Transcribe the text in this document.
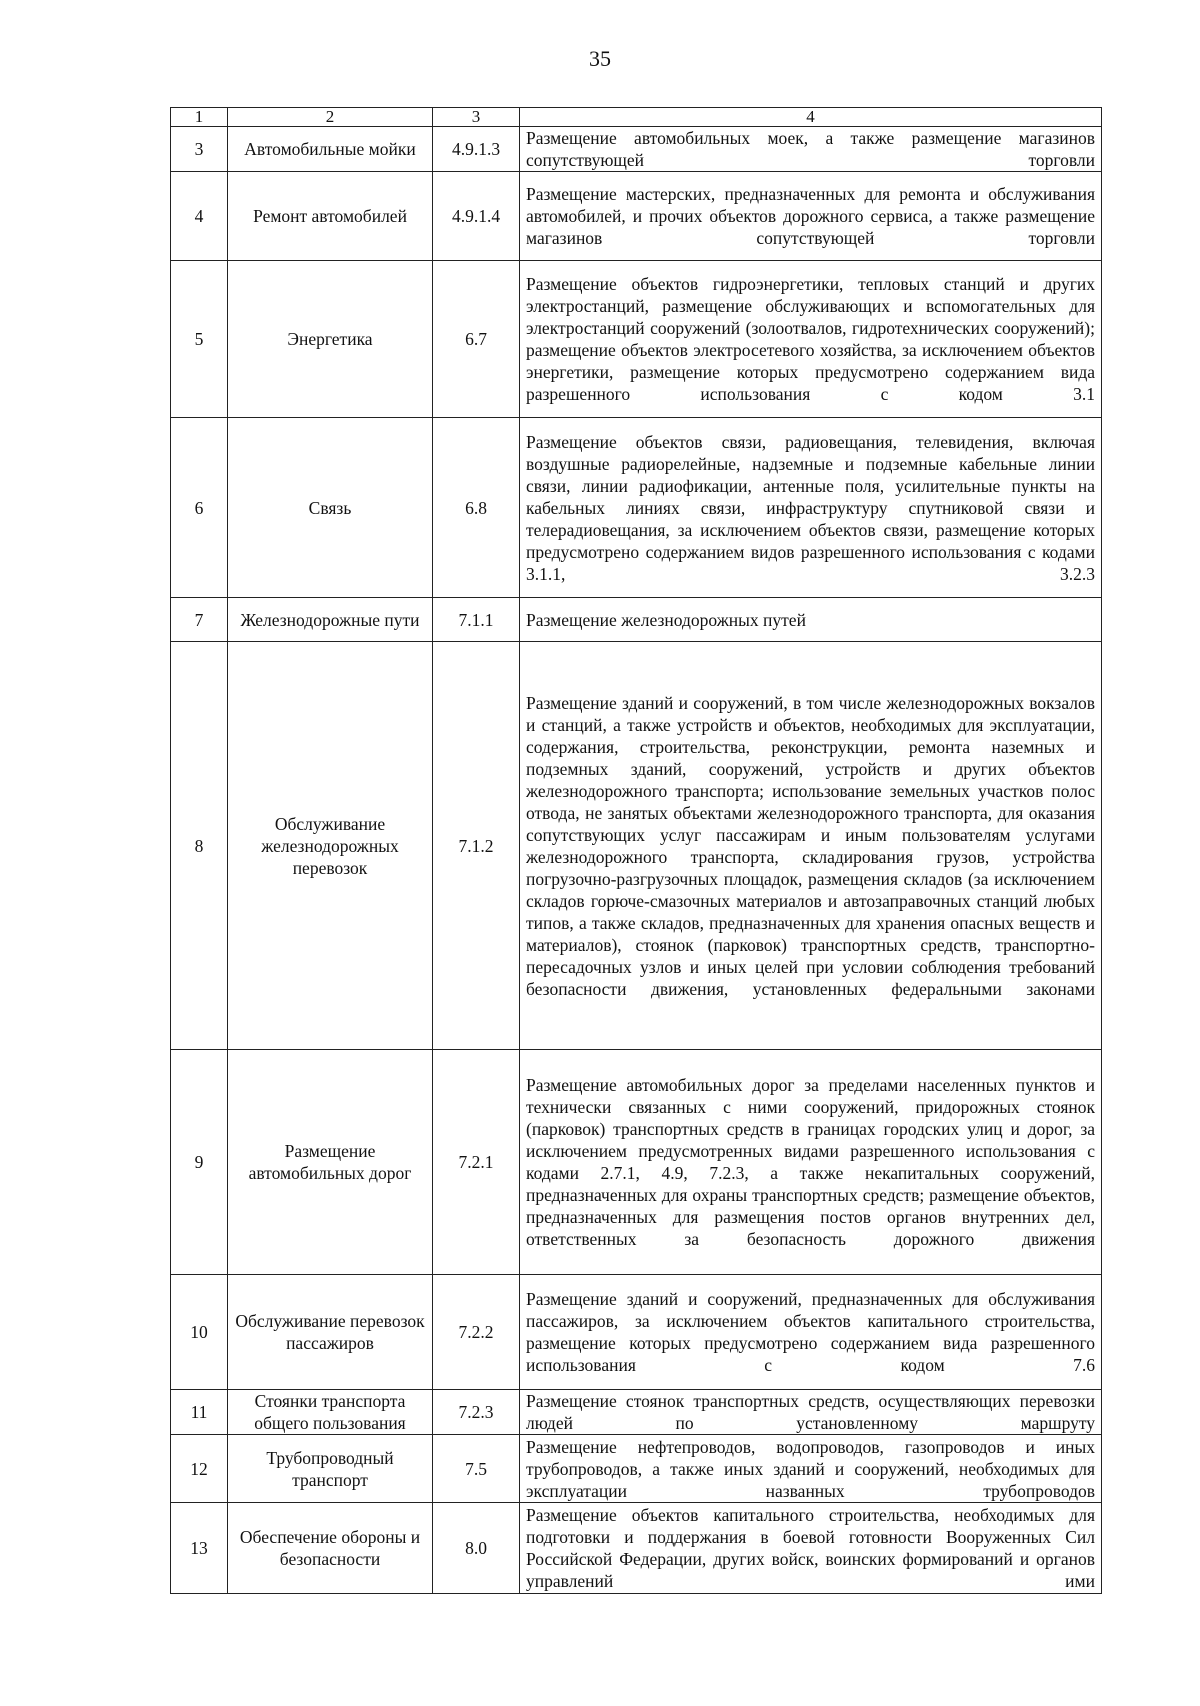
35
1	2	3	4
3	Автомобильные мойки	4.9.1.3	Размещение автомобильных моек, а также размещение магазинов сопутствующей торговли
4	Ремонт автомобилей	4.9.1.4	Размещение мастерских, предназначенных для ремонта и обслуживания автомобилей, и прочих объектов дорожного сервиса, а также размещение магазинов сопутствующей торговли
5	Энергетика	6.7	Размещение объектов гидроэнергетики, тепловых станций и других электростанций, размещение обслуживающих и вспомогательных для электростанций сооружений (золоотвалов, гидротехнических сооружений); размещение объектов электросетевого хозяйства, за исключением объектов энергетики, размещение которых предусмотрено содержанием вида разрешенного использования с кодом 3.1
6	Связь	6.8	Размещение объектов связи, радиовещания, телевидения, включая воздушные радиорелейные, надземные и подземные кабельные линии связи, линии радиофикации, антенные поля, усилительные пункты на кабельных линиях связи, инфраструктуру спутниковой связи и телерадиовещания, за исключением объектов связи, размещение которых предусмотрено содержанием видов разрешенного использования с кодами 3.1.1, 3.2.3
7	Железнодорожные пути	7.1.1	Размещение железнодорожных путей
8	Обслуживание железнодорожных перевозок	7.1.2	Размещение зданий и сооружений, в том числе железнодорожных вокзалов и станций, а также устройств и объектов, необходимых для эксплуатации, содержания, строительства, реконструкции, ремонта наземных и подземных зданий, сооружений, устройств и других объектов железнодорожного транспорта; использование земельных участков полос отвода, не занятых объектами железнодорожного транспорта, для оказания сопутствующих услуг пассажирам и иным пользователям услугами железнодорожного транспорта, складирования грузов, устройства погрузочно-разгрузочных площадок, размещения складов (за исключением складов горюче-смазочных материалов и автозаправочных станций любых типов, а также складов, предназначенных для хранения опасных веществ и материалов), стоянок (парковок) транспортных средств, транспортно-пересадочных узлов и иных целей при условии соблюдения требований безопасности движения, установленных федеральными законами
9	Размещение автомобильных дорог	7.2.1	Размещение автомобильных дорог за пределами населенных пунктов и технически связанных с ними сооружений, придорожных стоянок (парковок) транспортных средств в границах городских улиц и дорог, за исключением предусмотренных видами разрешенного использования с кодами 2.7.1, 4.9, 7.2.3, а также некапитальных сооружений, предназначенных для охраны транспортных средств; размещение объектов, предназначенных для размещения постов органов внутренних дел, ответственных за безопасность дорожного движения
10	Обслуживание перевозок пассажиров	7.2.2	Размещение зданий и сооружений, предназначенных для обслуживания пассажиров, за исключением объектов капитального строительства, размещение которых предусмотрено содержанием вида разрешенного использования с кодом 7.6
11	Стоянки транспорта общего пользования	7.2.3	Размещение стоянок транспортных средств, осуществляющих перевозки людей по установленному маршруту
12	Трубопроводный транспорт	7.5	Размещение нефтепроводов, водопроводов, газопроводов и иных трубопроводов, а также иных зданий и сооружений, необходимых для эксплуатации названных трубопроводов
13	Обеспечение обороны и безопасности	8.0	Размещение объектов капитального строительства, необходимых для подготовки и поддержания в боевой готовности Вооруженных Сил Российской Федерации, других войск, воинских формирований и органов управлений ими
